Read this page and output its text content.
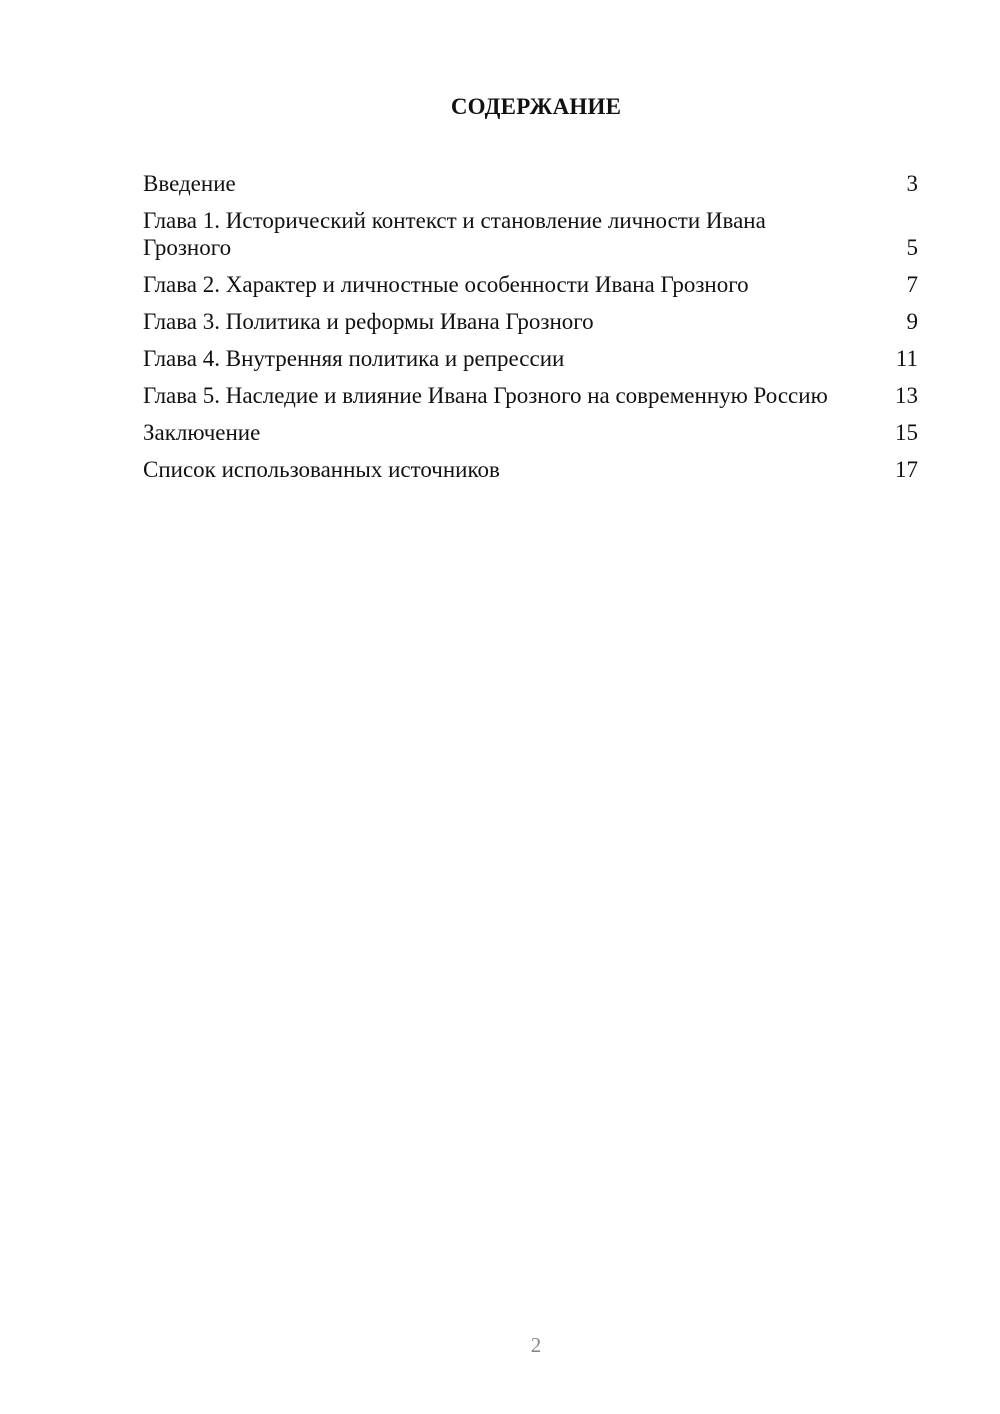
СОДЕРЖАНИЕ
Введение	3
Глава 1. Исторический контекст и становление личности Ивана Грозного	5
Глава 2. Характер и личностные особенности Ивана Грозного	7
Глава 3. Политика и реформы Ивана Грозного	9
Глава 4. Внутренняя политика и репрессии	11
Глава 5. Наследие и влияние Ивана Грозного на современную Россию	13
Заключение	15
Список использованных источников	17
2
